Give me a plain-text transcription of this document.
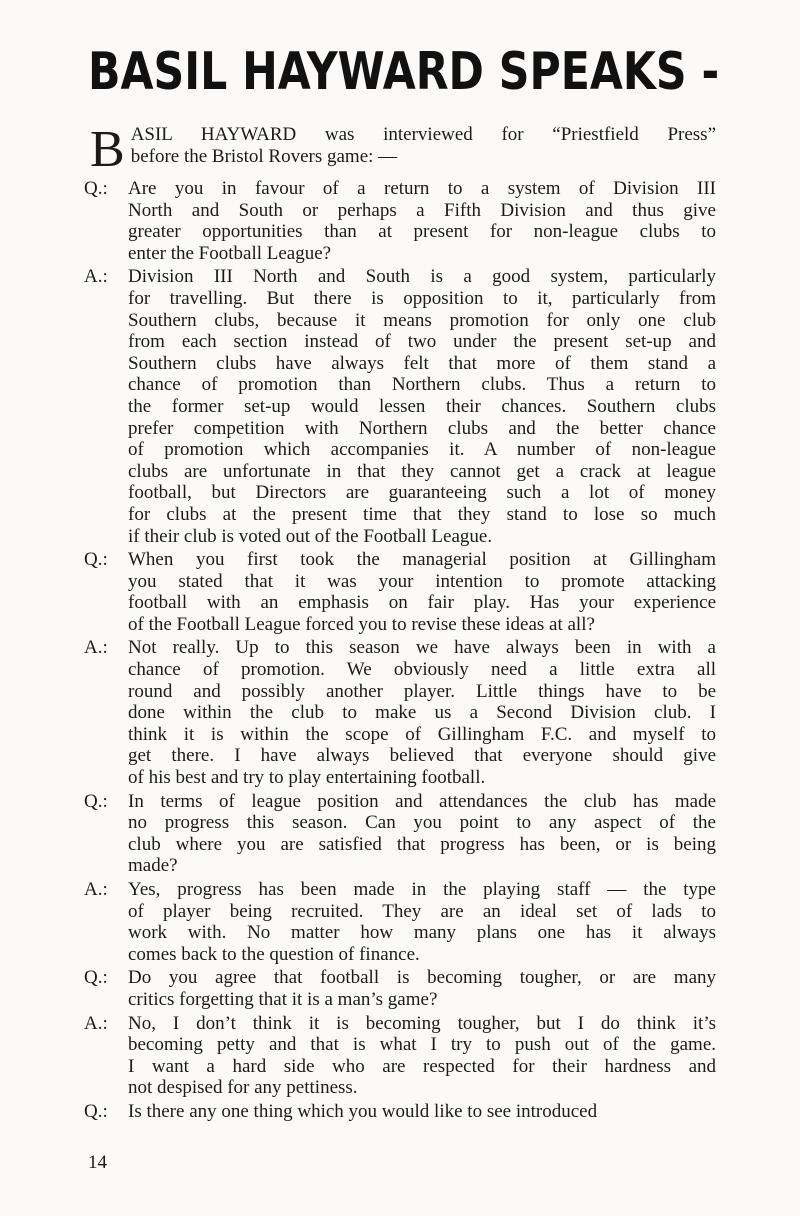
BASIL HAYWARD SPEAKS -
B ASIL HAYWARD was interviewed for “Priestfield Press”
before the Bristol Rovers game: —
Q.:	Are you in favour of a return to a system of Division III
North and South or perhaps a Fifth Division and thus give
greater opportunities than at present for non-league clubs to
enter the Football League?
A.:	Division III North and South is a good system, particularly
for travelling. But there is opposition to it, particularly from
Southern clubs, because it means promotion for only one club
from each section instead of two under the present set-up and
Southern clubs have always felt that more of them stand a
chance of promotion than Northern clubs. Thus a return to
the former set-up would lessen their chances. Southern clubs
prefer competition with Northern clubs and the better chance
of promotion which accompanies it. A number of non-league
clubs are unfortunate in that they cannot get a crack at league
football, but Directors are guaranteeing such a lot of money
for clubs at the present time that they stand to lose so much
if their club is voted out of the Football League.
Q.:	When you first took the managerial position at Gillingham
you stated that it was your intention to promote attacking
football with an emphasis on fair play. Has your experience
of the Football League forced you to revise these ideas at all?
A.:	Not really. Up to this season we have always been in with a
chance of promotion. We obviously need a little extra all
round and possibly another player. Little things have to be
done within the club to make us a Second Division club. I
think it is within the scope of Gillingham F.C. and myself to
get there. I have always believed that everyone should give
of his best and try to play entertaining football.
Q.:	In terms of league position and attendances the club has made
no progress this season. Can you point to any aspect of the
club where you are satisfied that progress has been, or is being
made?
A.:	Yes, progress has been made in the playing staff — the type
of player being recruited. They are an ideal set of lads to
work with. No matter how many plans one has it always
comes back to the question of finance.
Q.:	Do you agree that football is becoming tougher, or are many
critics forgetting that it is a man’s game?
A.:	No, I don’t think it is becoming tougher, but I do think it’s
becoming petty and that is what I try to push out of the game.
I want a hard side who are respected for their hardness and
not despised for any pettiness.
Q.:	Is there any one thing which you would like to see introduced
14
